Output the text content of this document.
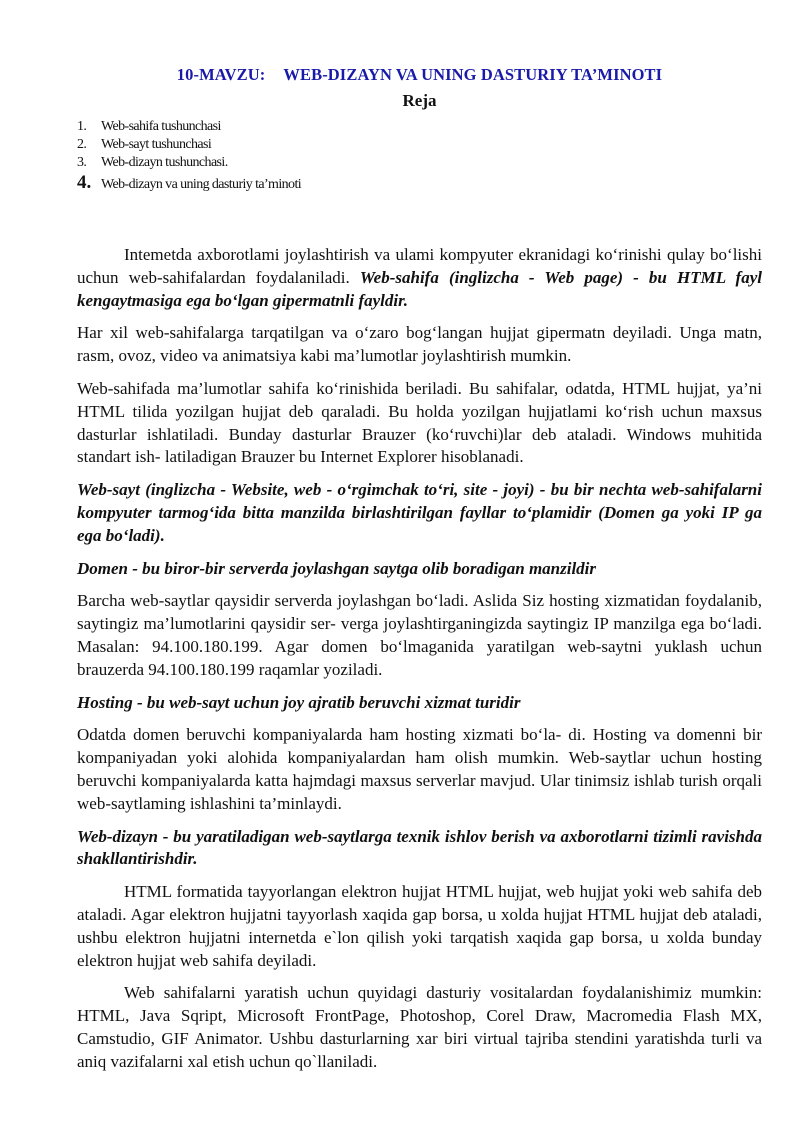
10-MAVZU: WEB-DIZAYN VA UNING DASTURIY TA’MINOTI
Reja
1.	Web-sahifa tushunchasi
2.	Web-sayt tushunchasi
3.	Web-dizayn tushunchasi.
4. Web-dizayn va uning dasturiy ta’minoti

Intemetda axborotlami joylashtirish va ulami kompyuter ekranidagi ko‘rinishi qulay bo‘lishi uchun web-sahifalardan foydalaniladi. Web-sahifa (inglizcha - Web page) - bu HTML fayl kengaytmasiga ega bo‘lgan gipermatnli fayldir.

Har xil web-sahifalarga tarqatilgan va o‘zaro bog‘langan hujjat gipermatn deyiladi. Unga matn, rasm, ovoz, video va animatsiya kabi ma’lumotlar joylashtirish mumkin.

Web-sahifada ma’lumotlar sahifa ko‘rinishida beriladi. Bu sahifalar, odatda, HTML hujjat, ya’ni HTML tilida yozilgan hujjat deb qaraladi. Bu holda yozilgan hujjatlami ko‘rish uchun maxsus dasturlar ishlatiladi. Bunday dasturlar Brauzer (ko‘ruvchi)lar deb ataladi. Windows muhitida standart ish- latiladigan Brauzer bu Internet Explorer hisoblanadi.

Web-sayt (inglizcha - Website, web - o‘rgimchak to‘ri, site - joyi) - bu bir nechta web-sahifalarni kompyuter tarmog‘ida bitta manzilda birlashtirilgan fayllar to‘plamidir (Domen ga yoki IP ga ega bo‘ladi).

Domen - bu biror-bir serverda joylashgan saytga olib boradigan manzildir

Barcha web-saytlar qaysidir serverda joylashgan bo‘ladi. Aslida Siz hosting xizmatidan foydalanib, saytingiz ma’lumotlarini qaysidir ser- verga joylashtirganingizda saytingiz IP manzilga ega bo‘ladi. Masalan: 94.100.180.199. Agar domen bo‘lmaganida yaratilgan web-saytni yuklash uchun brauzerda 94.100.180.199 raqamlar yoziladi.

Hosting - bu web-sayt uchun joy ajratib beruvchi xizmat turidir

Odatda domen beruvchi kompaniyalarda ham hosting xizmati bo‘la- di. Hosting va domenni bir kompaniyadan yoki alohida kompaniyalardan ham olish mumkin. Web-saytlar uchun hosting beruvchi kompaniyalarda katta hajmdagi maxsus serverlar mavjud. Ular tinimsiz ishlab turish orqali web-saytlaming ishlashini ta’minlaydi.

Web-dizayn - bu yaratiladigan web-saytlarga texnik ishlov berish va axborotlarni tizimli ravishda shakllantirishdir.

HTML formatida tayyorlangan elektron hujjat HTML hujjat, web hujjat yoki web sahifa deb ataladi. Agar elektron hujjatni tayyorlash xaqida gap borsa, u xolda hujjat HTML hujjat deb ataladi, ushbu elektron hujjatni internetda e`lon qilish yoki tarqatish xaqida gap borsa, u xolda bunday elektron hujjat web sahifa deyiladi.

Web sahifalarni yaratish uchun quyidagi dasturiy vositalardan foydalanishimiz mumkin: HTML, Java Sqript, Microsoft FrontPage, Photoshop, Corel Draw, Macromedia Flash MX, Camstudio, GIF Animator. Ushbu dasturlarning xar biri virtual tajriba stendini yaratishda turli va aniq vazifalarni xal etish uchun qo`llaniladi.
